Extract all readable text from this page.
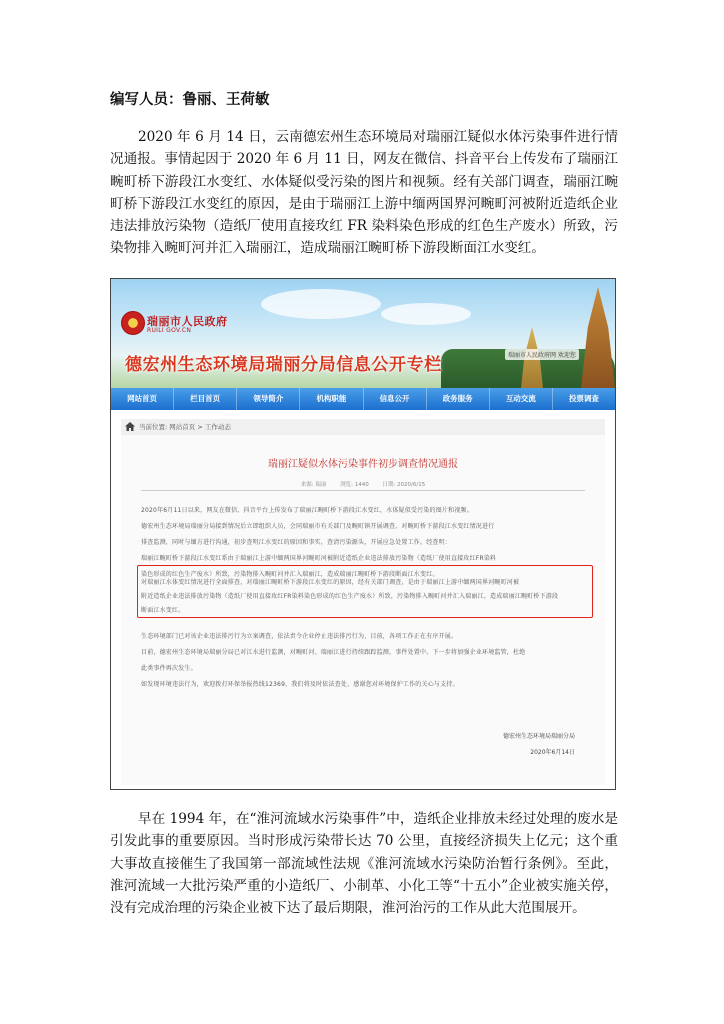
编写人员：鲁丽、王荷敏
2020 年 6 月 14 日，云南德宏州生态环境局对瑞丽江疑似水体污染事件进行情况通报。事情起因于 2020 年 6 月 11 日，网友在微信、抖音平台上传发布了瑞丽江畹町桥下游段江水变红、水体疑似受污染的图片和视频。经有关部门调查，瑞丽江畹町桥下游段江水变红的原因，是由于瑞丽江上游中缅两国界河畹町河被附近造纸企业违法排放污染物（造纸厂使用直接玫红 FR 染料染色形成的红色生产废水）所致，污染物排入畹町河并汇入瑞丽江，造成瑞丽江畹町桥下游段断面江水变红。
瑞丽市人民政府
RUILI GOV.CN
德宏州生态环境局瑞丽分局信息公开专栏	瑞丽市人民政府网 欢迎您
网站首页	栏目首页	领导简介	机构职能	信息公开	政务服务	互动交流	投票调查
当前位置: 网站首页 > 工作动态
瑞丽江疑似水体污染事件初步调查情况通报
来源: 瑞丽	浏览: 1440	日期: 2020/6/15
2020年6月11日以来，网友在微信、抖音平台上传发布了瑞丽江畹町桥下游段江水变红，水体疑似受污染的图片和视频。
德宏州生态环境局瑞丽分局接到情况后立即组织人员，会同瑞丽市有关部门及畹町镇开展调查，对畹町桥下游段江水变红情况进行
排查监测，同时与缅方进行沟通，初步查明江水变红的原因和事实，查清污染源头，开展应急处置工作。经查明：
瑞丽江畹町桥下游段江水变红系由于瑞丽江上游中缅两国界河畹町河被附近造纸企业违法排放污染物（造纸厂使用直接玫红FR染料
染色形成的红色生产废水）所致，污染物排入畹町河并汇入瑞丽江，造成瑞丽江畹町桥下游段断面江水变红。
对瑞丽江水体变红情况进行全面排查，对瑞丽江畹町桥下游段江水变红的原因，经有关部门调查，是由于瑞丽江上游中缅两国界河畹町河被
附近造纸企业违法排放污染物（造纸厂使用直接玫红FR染料染色形成的红色生产废水）所致，污染物排入畹町河并汇入瑞丽江，造成瑞丽江畹町桥下游段
断面江水变红。
生态环境部门已对该企业违法排污行为立案调查，依法责令企业停止违法排污行为，目前，各项工作正在有序开展。
目前，德宏州生态环境局瑞丽分局已对江水进行监测，对畹町河、瑞丽江进行持续跟踪监测，事件处置中。下一步将加强企业环境监管，杜绝
此类事件再次发生。
如发现环境违法行为，欢迎拨打环保举报热线12369，我们将及时依法查处，感谢您对环境保护工作的关心与支持。
德宏州生态环境局瑞丽分局
2020年6月14日
早在 1994 年，在“淮河流域水污染事件”中，造纸企业排放未经过处理的废水是引发此事的重要原因。当时形成污染带长达 70 公里，直接经济损失上亿元；这个重大事故直接催生了我国第一部流域性法规《淮河流域水污染防治暂行条例》。至此，淮河流域一大批污染严重的小造纸厂、小制革、小化工等“十五小”企业被实施关停，没有完成治理的污染企业被下达了最后期限，淮河治污的工作从此大范围展开。
